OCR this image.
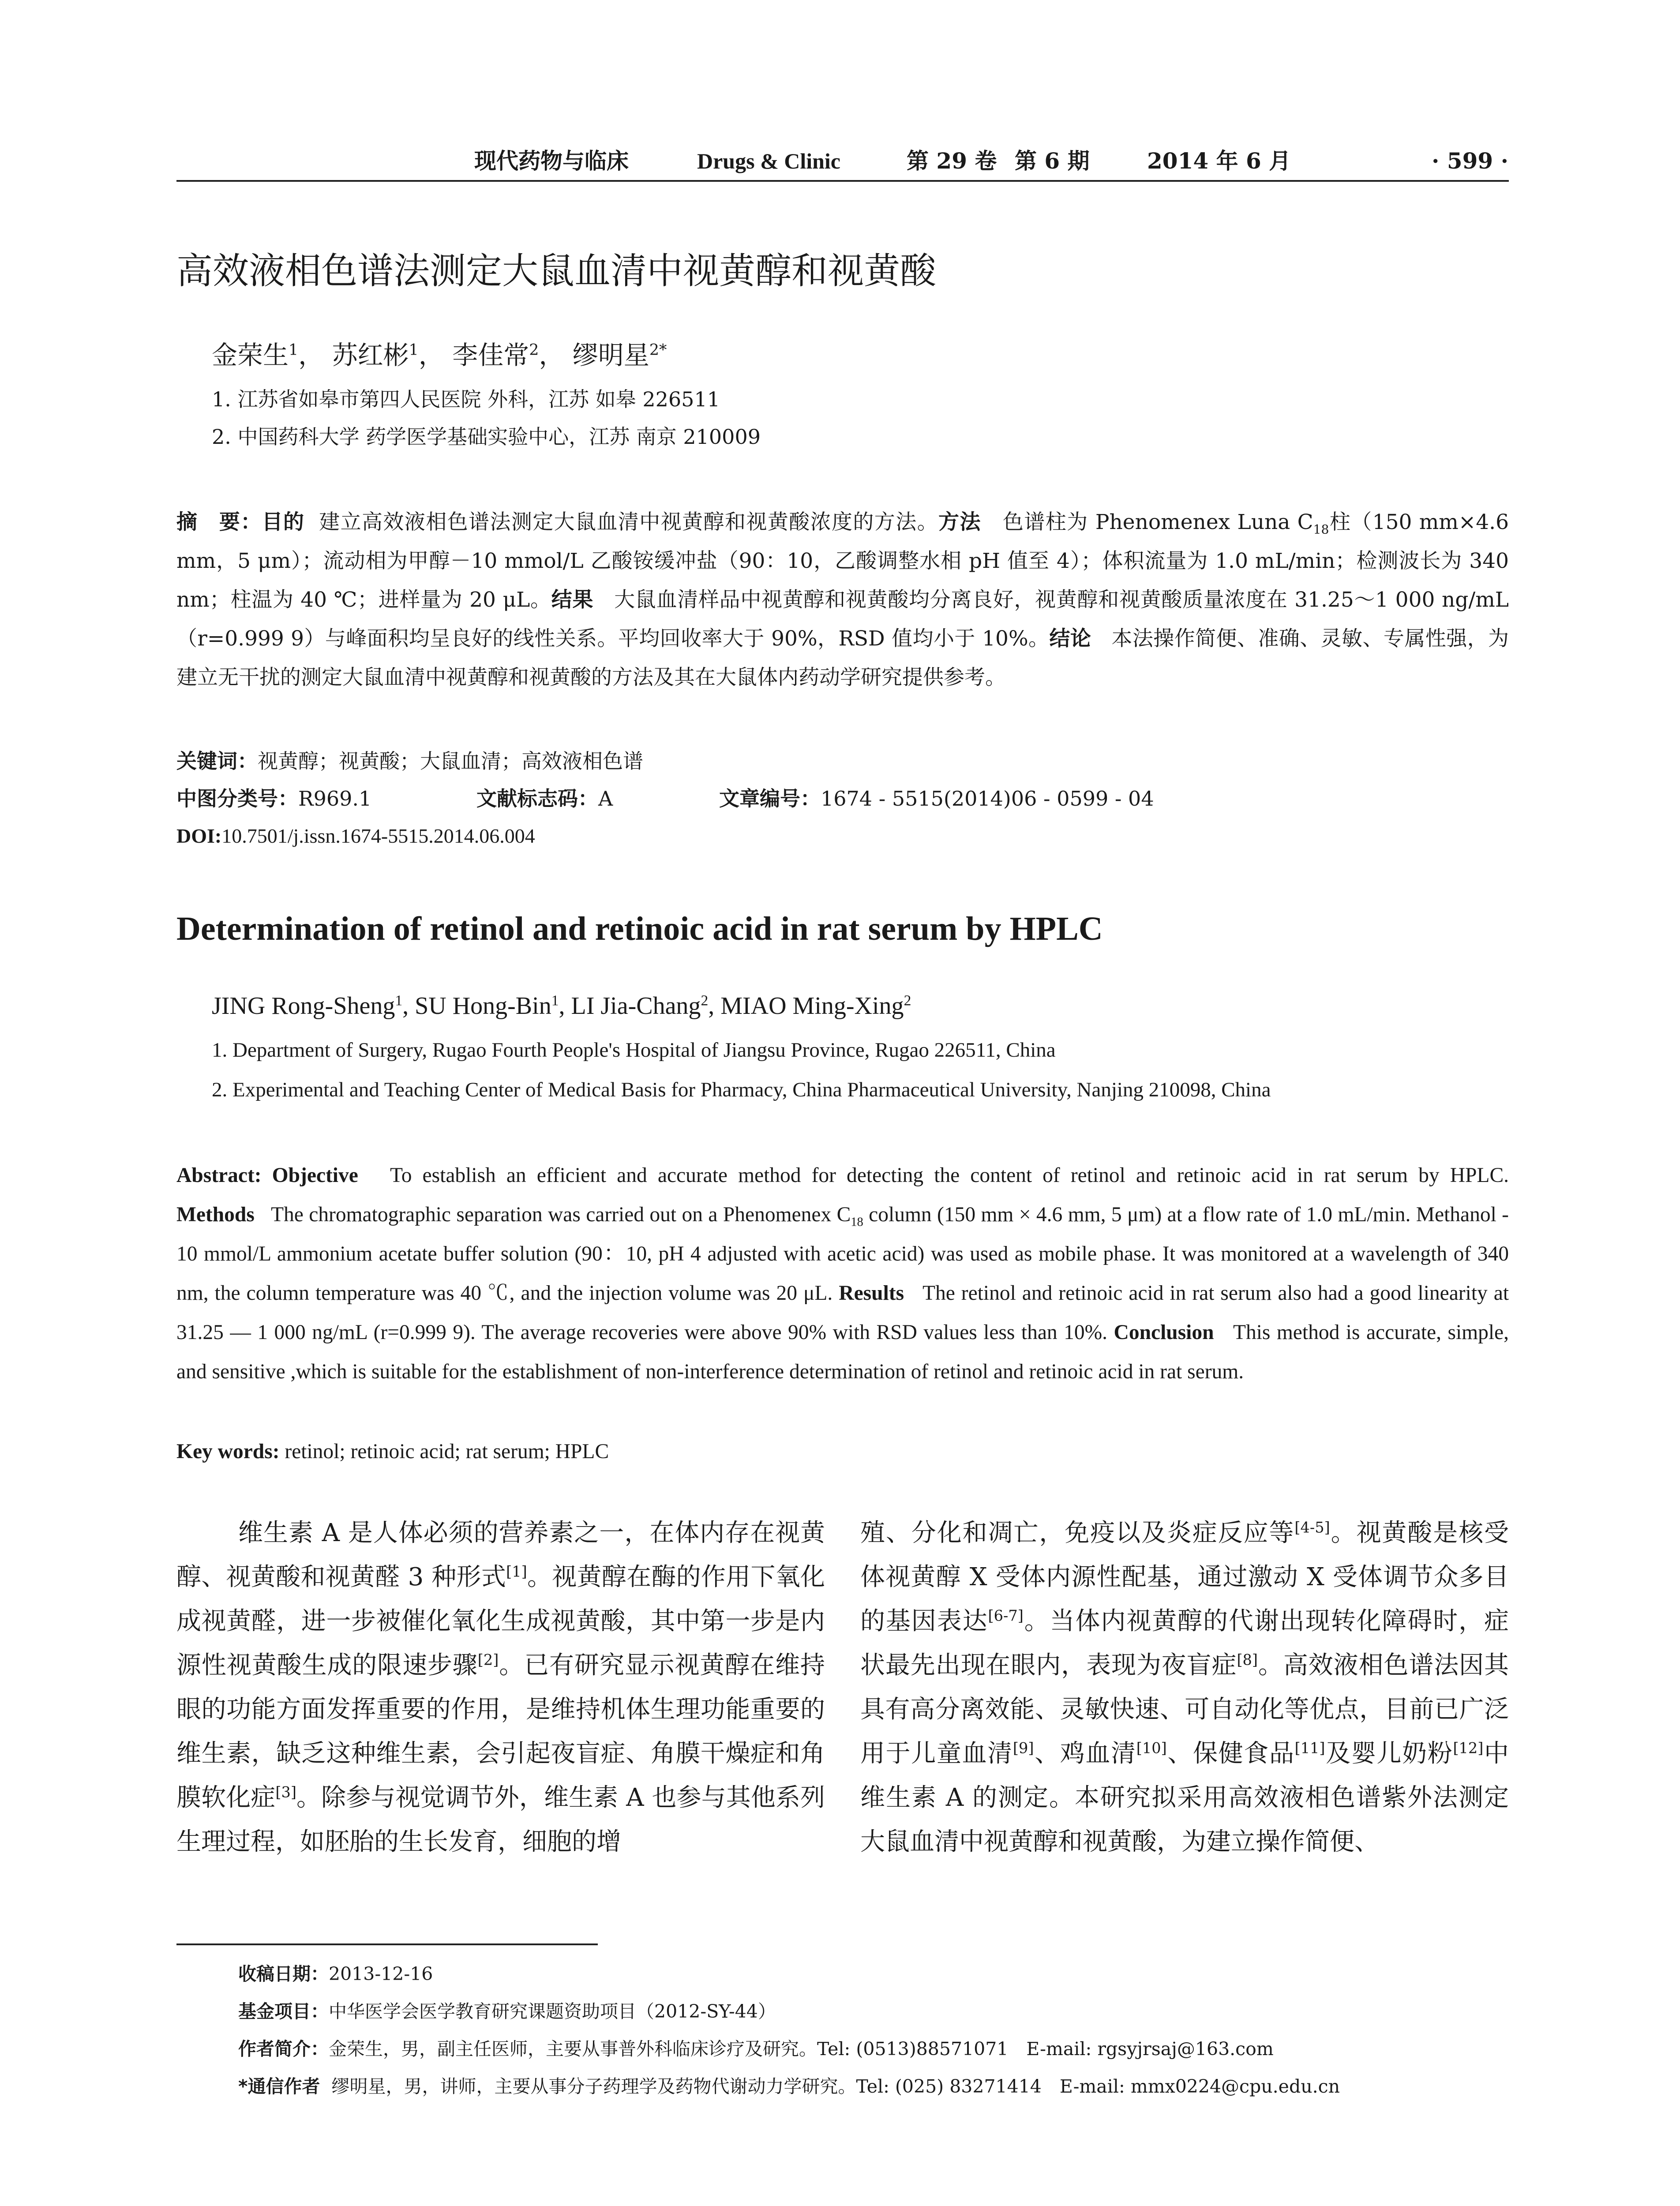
现代药物与临床	Drugs & Clinic	第 29 卷 第 6 期	2014 年 6 月	· 599 ·
高效液相色谱法测定大鼠血清中视黄醇和视黄酸
金荣生$^1$， 苏红彬$^1$， 李佳常$^2$， 缪明星$^{2*}$
1. 江苏省如皋市第四人民医院 外科，江苏 如皋 226511
2. 中国药科大学 药学医学基础实验中心，江苏 南京 210009
摘　要：目的 建立高效液相色谱法测定大鼠血清中视黄醇和视黄酸浓度的方法。方法 色谱柱为 Phenomenex Luna $C_{18}$柱（150 mm×4.6 mm，5 μm）；流动相为甲醇－10 mmol/L 乙酸铵缓冲盐（90：10，乙酸调整水相 pH 值至 4）；体积流量为 1.0 mL/min；检测波长为 340 nm；柱温为 40 ℃；进样量为 20 μL。结果 大鼠血清样品中视黄醇和视黄酸均分离良好，视黄醇和视黄酸质量浓度在 31.25～1 000 ng/mL（r=0.999 9）与峰面积均呈良好的线性关系。平均回收率大于 90%，RSD 值均小于 10%。结论 本法操作简便、准确、灵敏、专属性强，为建立无干扰的测定大鼠血清中视黄醇和视黄酸的方法及其在大鼠体内药动学研究提供参考。
关键词：视黄醇；视黄酸；大鼠血清；高效液相色谱
中图分类号：R969.1	文献标志码：A	文章编号：1674 - 5515(2014)06 - 0599 - 04
DOI:10.7501/j.issn.1674-5515.2014.06.004
Determination of retinol and retinoic acid in rat serum by HPLC
JING Rong-Sheng$^1$, SU Hong-Bin$^1$, LI Jia-Chang$^2$, MIAO Ming-Xing$^2$
1. Department of Surgery, Rugao Fourth People's Hospital of Jiangsu Province, Rugao 226511, China
2. Experimental and Teaching Center of Medical Basis for Pharmacy, China Pharmaceutical University, Nanjing 210098, China
Abstract: Objective To establish an efficient and accurate method for detecting the content of retinol and retinoic acid in rat serum by HPLC. Methods The chromatographic separation was carried out on a Phenomenex $C_{18}$ column (150 mm × 4.6 mm, 5 μm) at a flow rate of 1.0 mL/min. Methanol - 10 mmol/L ammonium acetate buffer solution (90：10, pH 4 adjusted with acetic acid) was used as mobile phase. It was monitored at a wavelength of 340 nm, the column temperature was 40 ℃, and the injection volume was 20 μL. Results The retinol and retinoic acid in rat serum also had a good linearity at 31.25 — 1 000 ng/mL (r=0.999 9). The average recoveries were above 90% with RSD values less than 10%. Conclusion This method is accurate, simple, and sensitive ,which is suitable for the establishment of non-interference determination of retinol and retinoic acid in rat serum.
Key words: retinol; retinoic acid; rat serum; HPLC
维生素 A 是人体必须的营养素之一，在体内存在视黄醇、视黄酸和视黄醛 3 种形式[1]。视黄醇在酶的作用下氧化成视黄醛，进一步被催化氧化生成视黄酸，其中第一步是内源性视黄酸生成的限速步骤[2]。已有研究显示视黄醇在维持眼的功能方面发挥重要的作用，是维持机体生理功能重要的维生素，缺乏这种维生素，会引起夜盲症、角膜干燥症和角膜软化症[3]。除参与视觉调节外，维生素 A 也参与其他系列生理过程，如胚胎的生长发育，细胞的增
殖、分化和凋亡，免疫以及炎症反应等[4-5]。视黄酸是核受体视黄醇 X 受体内源性配基，通过激动 X 受体调节众多目的基因表达[6-7]。当体内视黄醇的代谢出现转化障碍时，症状最先出现在眼内，表现为夜盲症[8]。高效液相色谱法因其具有高分离效能、灵敏快速、可自动化等优点，目前已广泛用于儿童血清[9]、鸡血清[10]、保健食品[11]及婴儿奶粉[12]中维生素 A 的测定。本研究拟采用高效液相色谱紫外法测定大鼠血清中视黄醇和视黄酸，为建立操作简便、
收稿日期：2013-12-16
基金项目：中华医学会医学教育研究课题资助项目（2012-SY-44）
作者简介：金荣生，男，副主任医师，主要从事普外科临床诊疗及研究。Tel: (0513)88571071　E-mail: rgsyjrsaj@163.com
*通信作者 缪明星，男，讲师，主要从事分子药理学及药物代谢动力学研究。Tel: (025) 83271414　E-mail: mmx0224@cpu.edu.cn
